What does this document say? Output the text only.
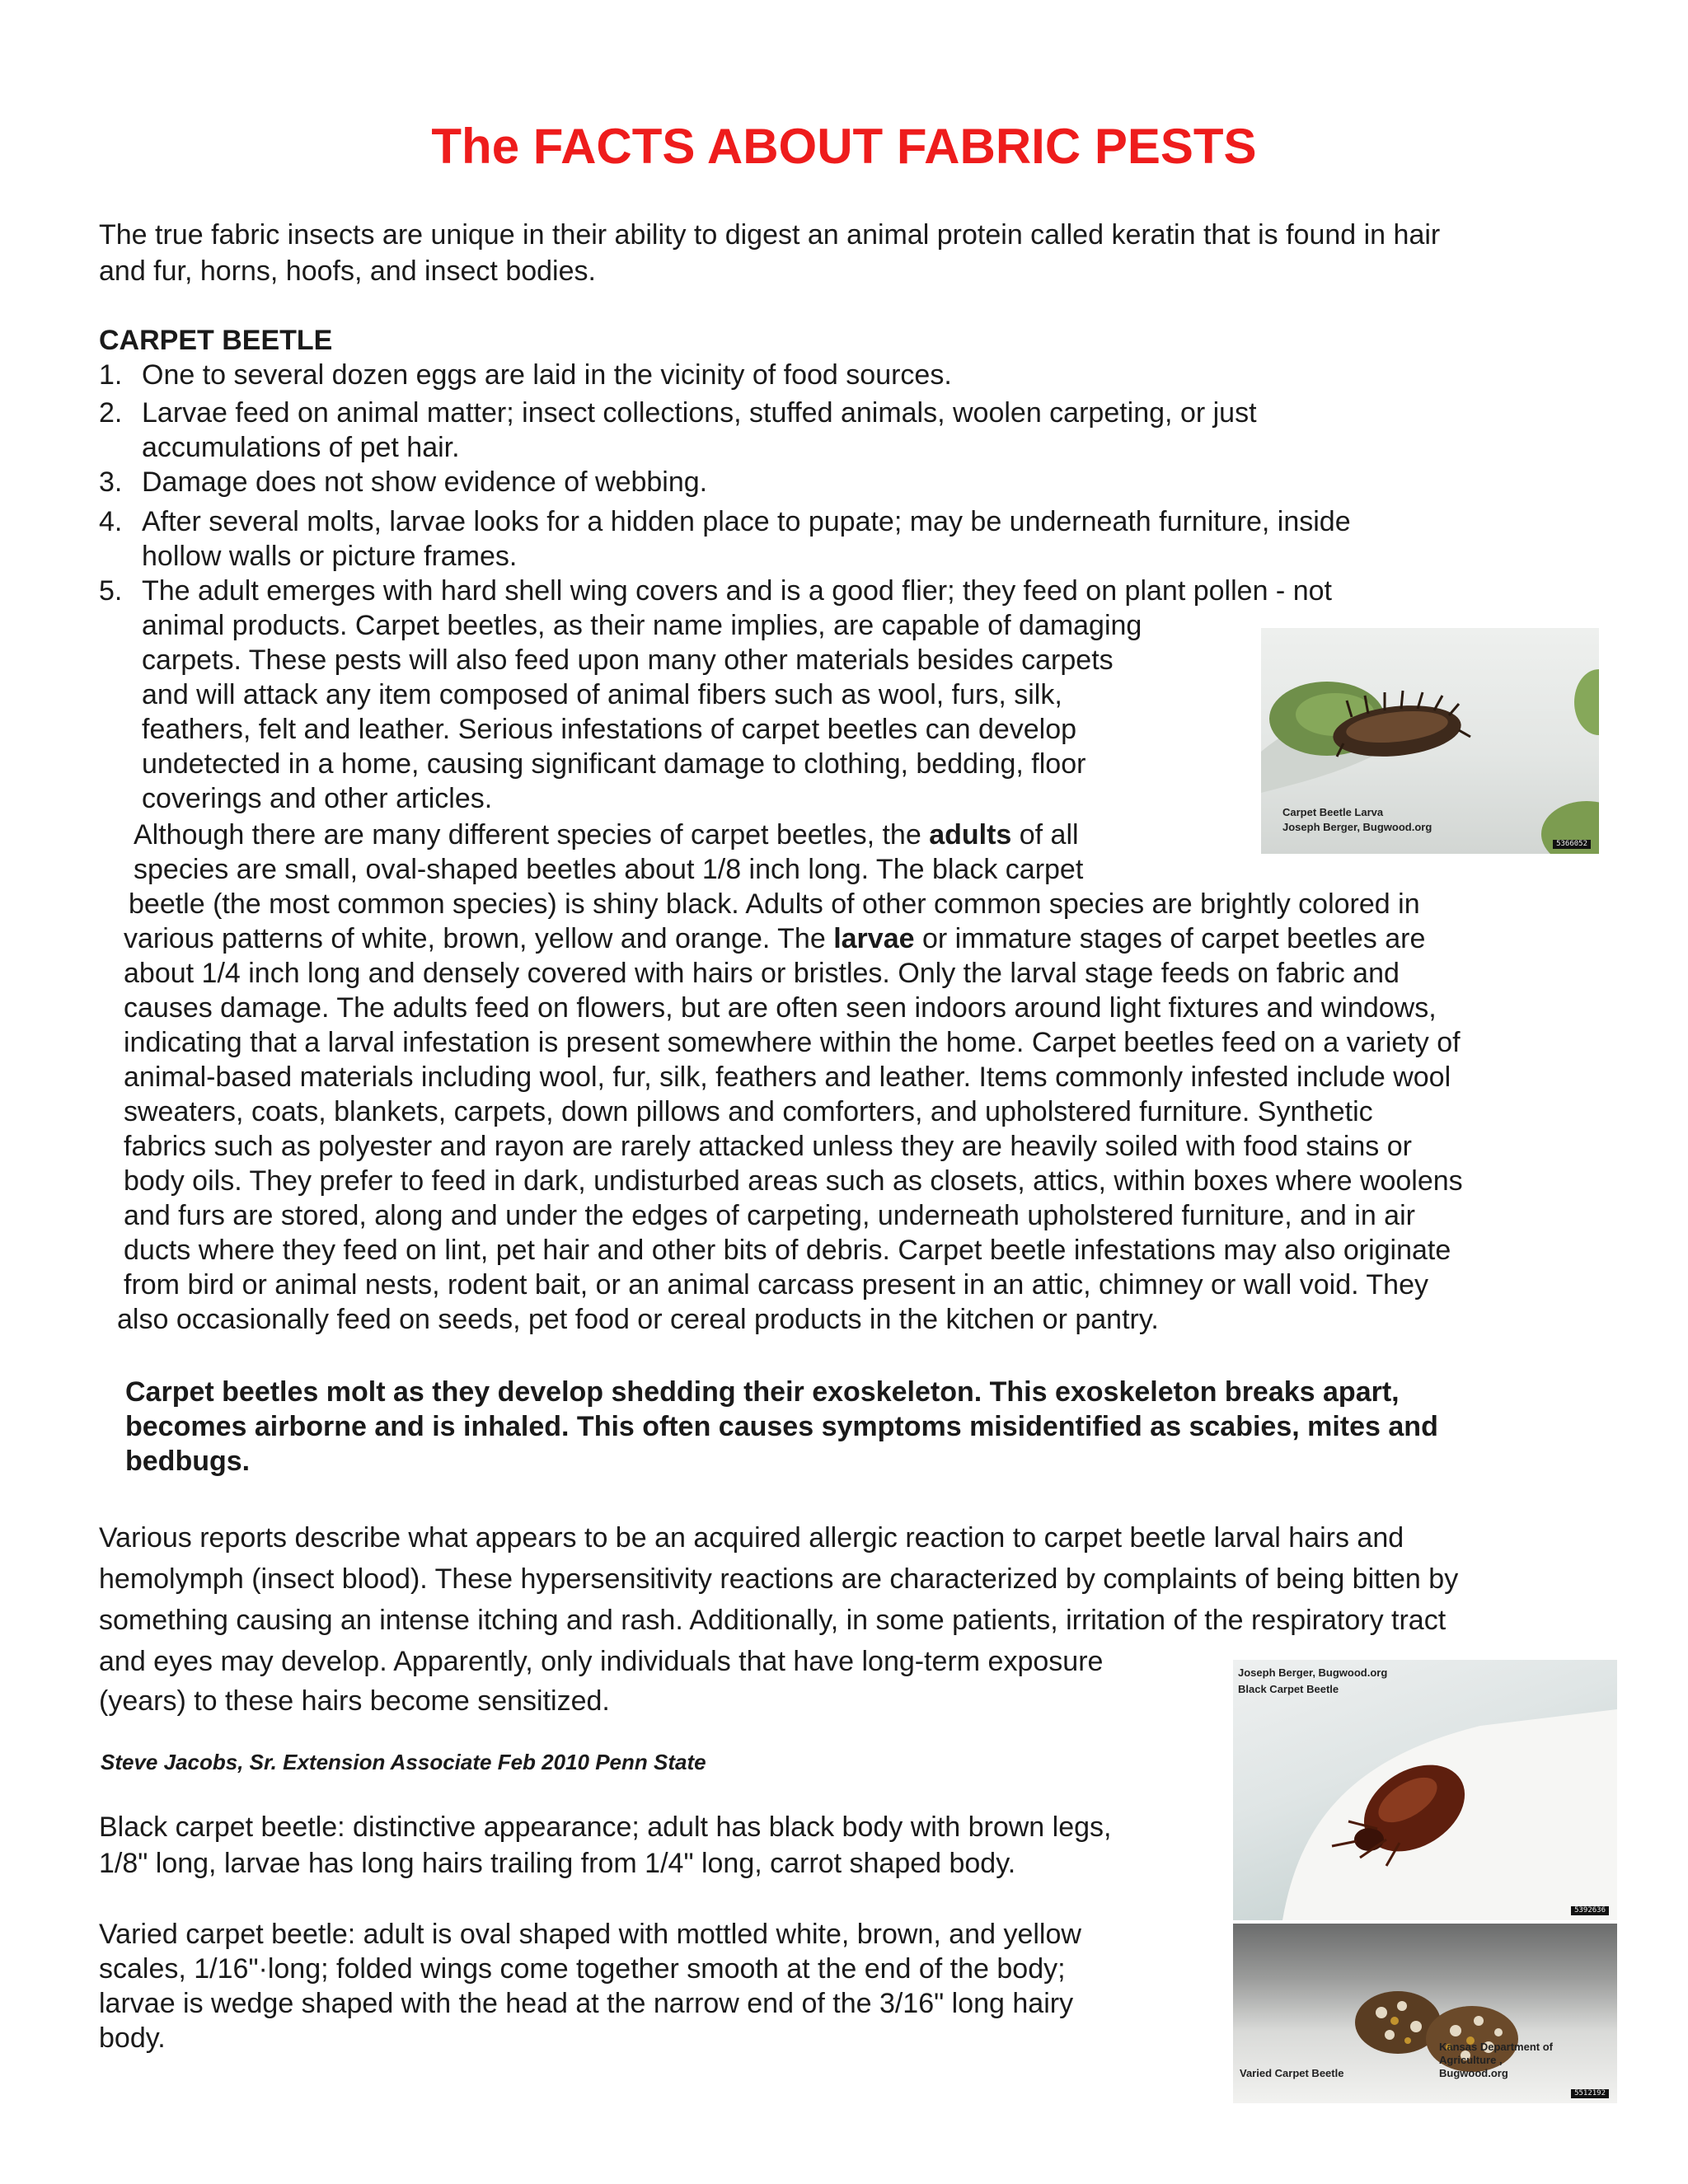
The FACTS ABOUT FABRIC PESTS

The true fabric insects are unique in their ability to digest an animal protein called keratin that is found in hair

and fur, horns, hoofs, and insect bodies.

CARPET BEETLE

1. One to several dozen eggs are laid in the vicinity of food sources.
2. Larvae feed on animal matter; insect collections, stuffed animals, woolen carpeting, or just
accumulations of pet hair.
3. Damage does not show evidence of webbing.
4. After several molts, larvae looks for a hidden place to pupate; may be underneath furniture, inside
hollow walls or picture frames.
5. The adult emerges with hard shell wing covers and is a good flier; they feed on plant pollen - not
animal products. Carpet beetles, as their name implies, are capable of damaging
carpets. These pests will also feed upon many other materials besides carpets
and will attack any item composed of animal fibers such as wool, furs, silk,
feathers, felt and leather. Serious infestations of carpet beetles can develop
undetected in a home, causing significant damage to clothing, bedding, floor
coverings and other articles.

Although there are many different species of carpet beetles, the adults of all

species are small, oval-shaped beetles about 1/8 inch long. The black carpet

beetle (the most common species) is shiny black. Adults of other common species are brightly colored in

various patterns of white, brown, yellow and orange. The larvae or immature stages of carpet beetles are

about 1/4 inch long and densely covered with hairs or bristles. Only the larval stage feeds on fabric and

causes damage. The adults feed on flowers, but are often seen indoors around light fixtures and windows,

indicating that a larval infestation is present somewhere within the home. Carpet beetles feed on a variety of

animal-based materials including wool, fur, silk, feathers and leather. Items commonly infested include wool

sweaters, coats, blankets, carpets, down pillows and comforters, and upholstered furniture. Synthetic

fabrics such as polyester and rayon are rarely attacked unless they are heavily soiled with food stains or

body oils. They prefer to feed in dark, undisturbed areas such as closets, attics, within boxes where woolens

and furs are stored, along and under the edges of carpeting, underneath upholstered furniture, and in air

ducts where they feed on lint, pet hair and other bits of debris. Carpet beetle infestations may also originate

from bird or animal nests, rodent bait, or an animal carcass present in an attic, chimney or wall void. They

also occasionally feed on seeds, pet food or cereal products in the kitchen or pantry.

Carpet beetles molt as they develop shedding their exoskeleton. This exoskeleton breaks apart,

becomes airborne and is inhaled. This often causes symptoms misidentified as scabies, mites and

bedbugs.

Various reports describe what appears to be an acquired allergic reaction to carpet beetle larval hairs and

hemolymph (insect blood). These hypersensitivity reactions are characterized by complaints of being bitten by

something causing an intense itching and rash. Additionally, in some patients, irritation of the respiratory tract

and eyes may develop. Apparently, only individuals that have long-term exposure

(years) to these hairs become sensitized.

Steve Jacobs, Sr. Extension Associate Feb 2010 Penn State

Black carpet beetle: distinctive appearance; adult has black body with brown legs,

1/8" long, larvae has long hairs trailing from 1/4" long, carrot shaped body.

Varied carpet beetle: adult is oval shaped with mottled white, brown, and yellow

scales, 1/16"·long; folded wings come together smooth at the end of the body;

larvae is wedge shaped with the head at the narrow end of the 3/16" long hairy

body.

Carpet Beetle Larva

Joseph Berger, Bugwood.org

5366052

Joseph Berger, Bugwood.org

Black Carpet Beetle

5392636

Varied Carpet Beetle

Kansas Department of

Agriculture ,

Bugwood.org

5512192
